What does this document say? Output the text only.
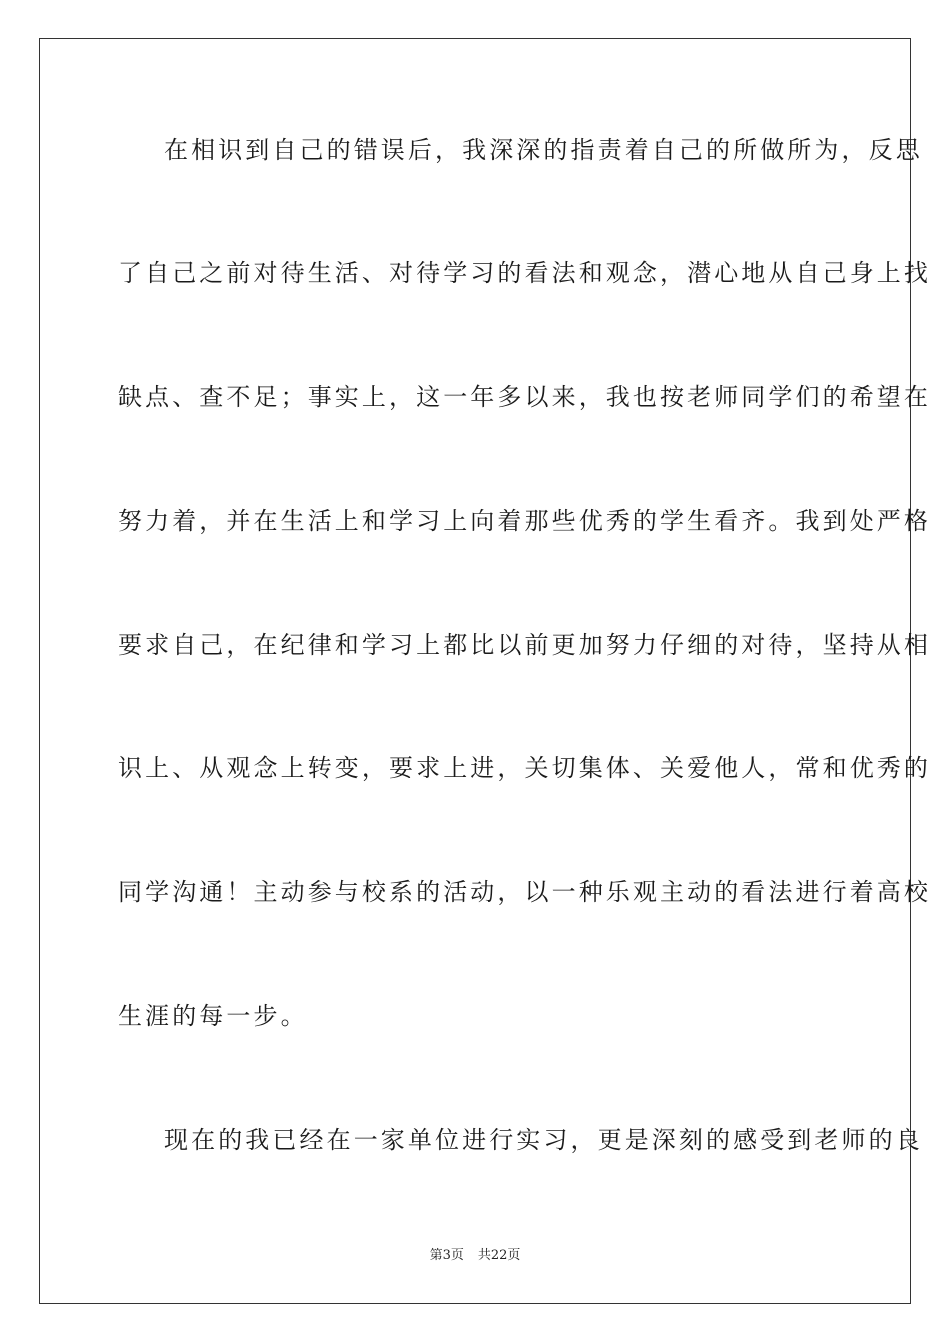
在相识到自己的错误后，我深深的指责着自己的所做所为，反思
了自己之前对待生活、对待学习的看法和观念，潜心地从自己身上找
缺点、查不足；事实上，这一年多以来，我也按老师同学们的希望在
努力着，并在生活上和学习上向着那些优秀的学生看齐。我到处严格
要求自己，在纪律和学习上都比以前更加努力仔细的对待，坚持从相
识上、从观念上转变，要求上进，关切集体、关爱他人，常和优秀的
同学沟通！主动参与校系的活动，以一种乐观主动的看法进行着高校
生涯的每一步。
现在的我已经在一家单位进行实习，更是深刻的感受到老师的良
第3页 共22页
